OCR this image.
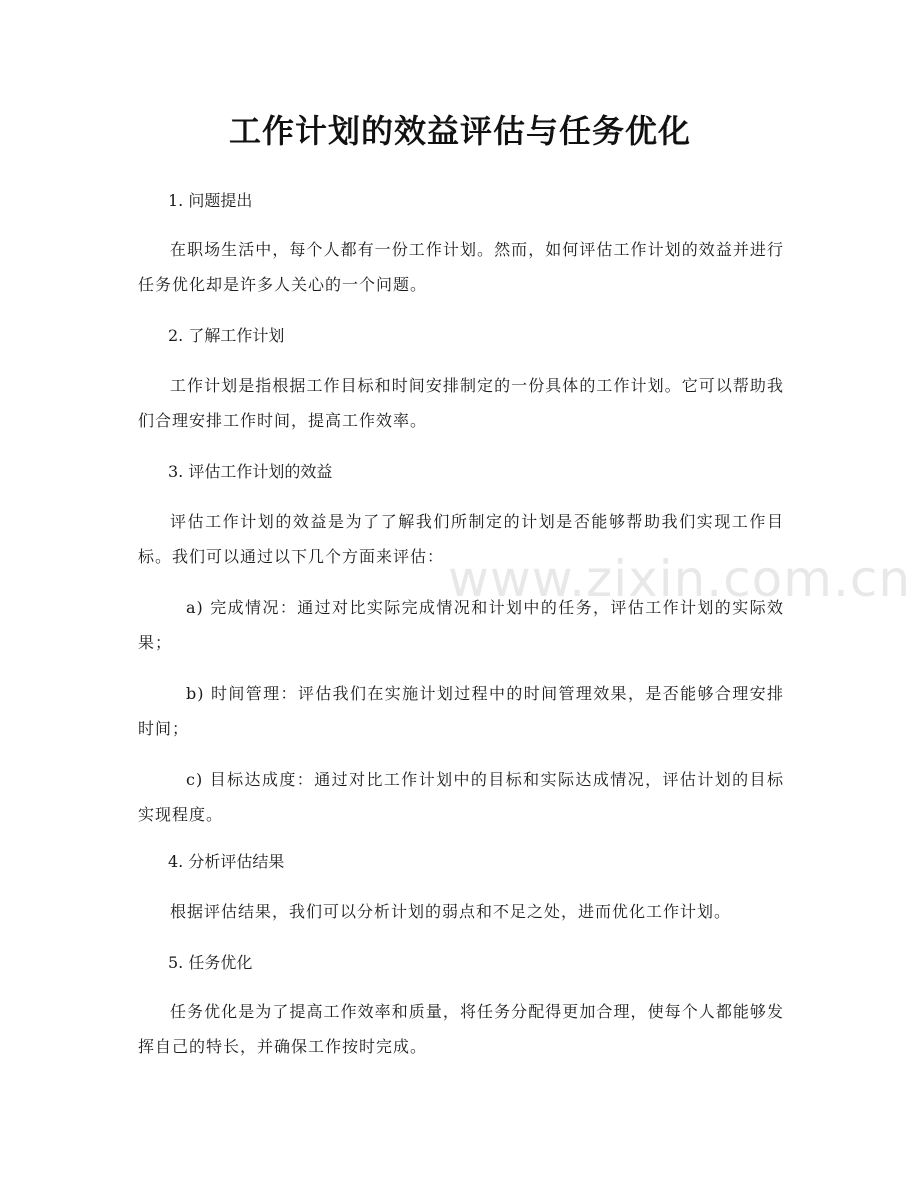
工作计划的效益评估与任务优化

1. 问题提出

在职场生活中，每个人都有一份工作计划。然而，如何评估工作计划的效益并进行任务优化却是许多人关心的一个问题。

2. 了解工作计划

工作计划是指根据工作目标和时间安排制定的一份具体的工作计划。它可以帮助我们合理安排工作时间，提高工作效率。

3. 评估工作计划的效益

评估工作计划的效益是为了了解我们所制定的计划是否能够帮助我们实现工作目标。我们可以通过以下几个方面来评估：

a) 完成情况：通过对比实际完成情况和计划中的任务，评估工作计划的实际效果；

b) 时间管理：评估我们在实施计划过程中的时间管理效果，是否能够合理安排时间；

c) 目标达成度：通过对比工作计划中的目标和实际达成情况，评估计划的目标实现程度。

4. 分析评估结果

根据评估结果，我们可以分析计划的弱点和不足之处，进而优化工作计划。

5. 任务优化

任务优化是为了提高工作效率和质量，将任务分配得更加合理，使每个人都能够发挥自己的特长，并确保工作按时完成。

www.zixin.com.cn
